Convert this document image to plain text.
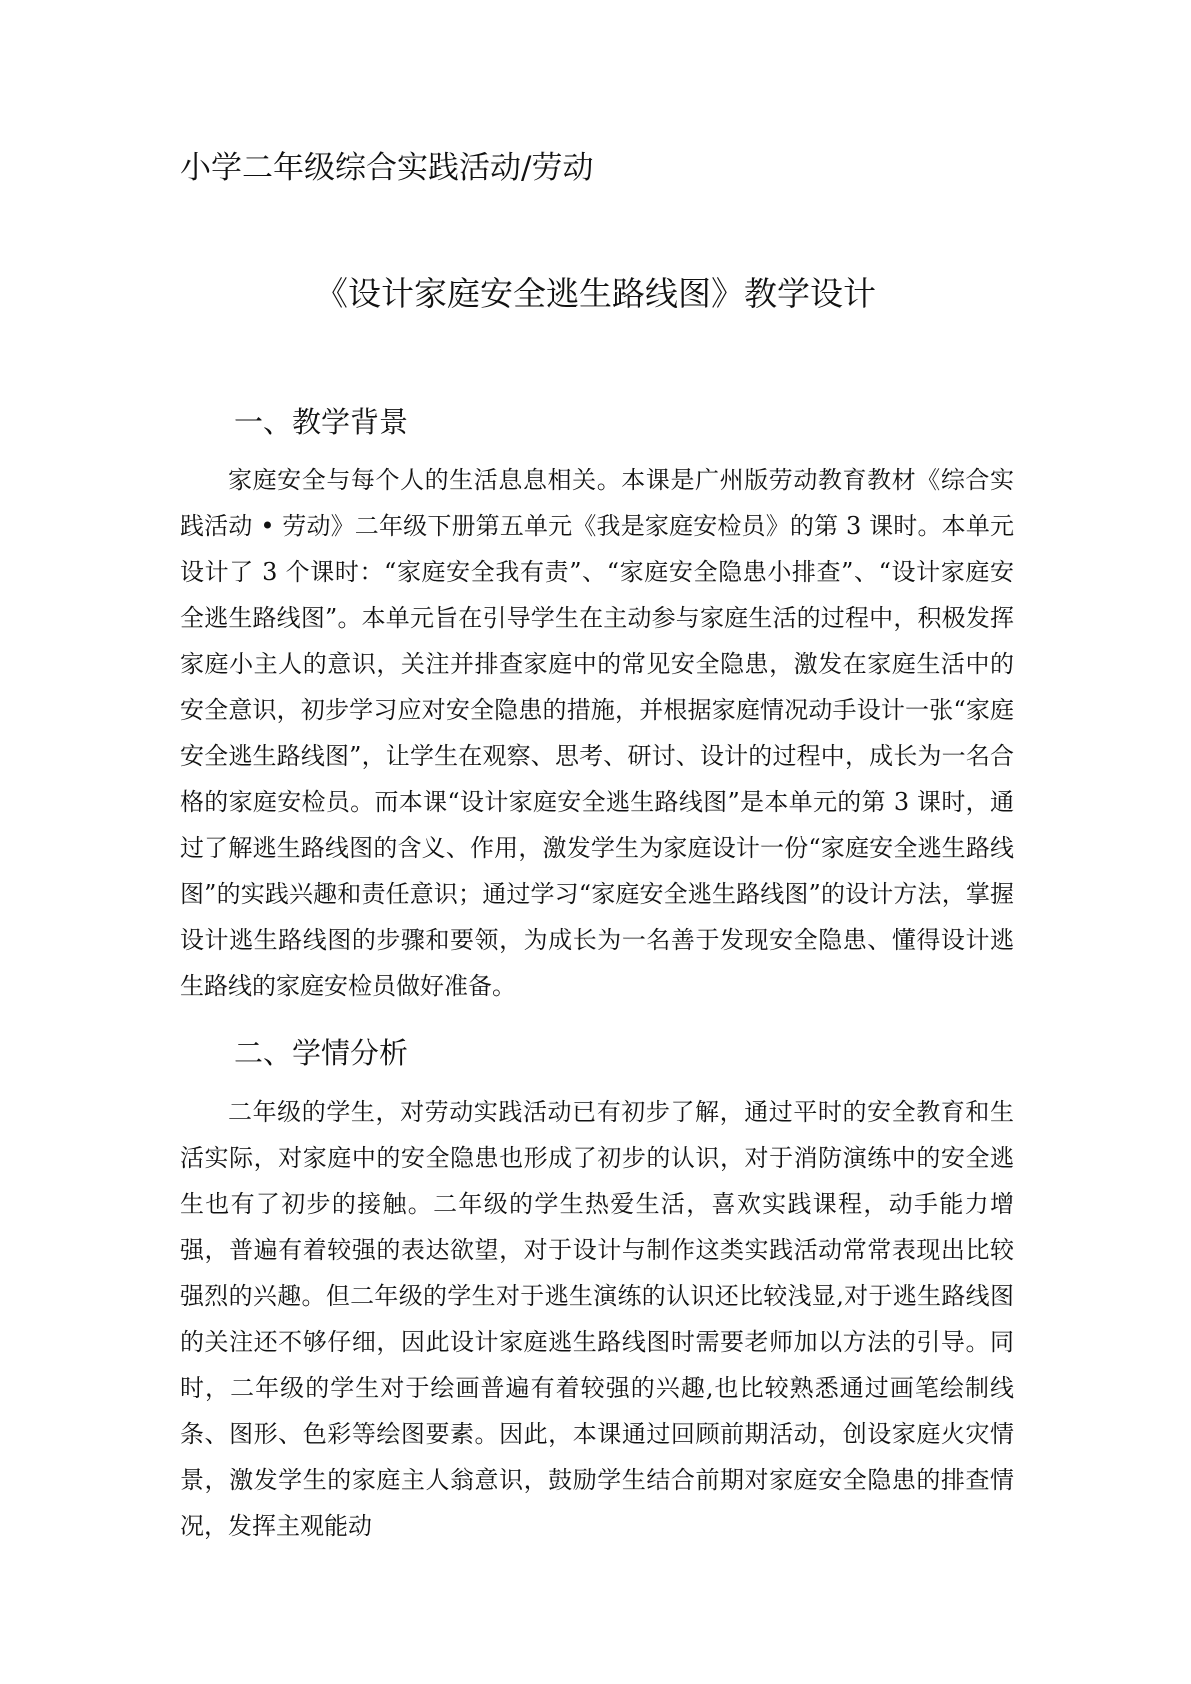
小学二年级综合实践活动/劳动
《设计家庭安全逃生路线图》教学设计
一、教学背景

家庭安全与每个人的生活息息相关。本课是广州版劳动教育教材《综合实践活动 • 劳动》二年级下册第五单元《我是家庭安检员》的第 3 课时。本单元设计了 3 个课时：“家庭安全我有责”、“家庭安全隐患小排查”、“设计家庭安全逃生路线图”。本单元旨在引导学生在主动参与家庭生活的过程中，积极发挥家庭小主人的意识，关注并排查家庭中的常见安全隐患，激发在家庭生活中的安全意识，初步学习应对安全隐患的措施，并根据家庭情况动手设计一张“家庭安全逃生路线图”，让学生在观察、思考、研讨、设计的过程中，成长为一名合格的家庭安检员。而本课“设计家庭安全逃生路线图”是本单元的第 3 课时，通过了解逃生路线图的含义、作用，激发学生为家庭设计一份“家庭安全逃生路线图”的实践兴趣和责任意识；通过学习“家庭安全逃生路线图”的设计方法，掌握设计逃生路线图的步骤和要领，为成长为一名善于发现安全隐患、懂得设计逃生路线的家庭安检员做好准备。

二、学情分析

二年级的学生，对劳动实践活动已有初步了解，通过平时的安全教育和生活实际，对家庭中的安全隐患也形成了初步的认识，对于消防演练中的安全逃生也有了初步的接触。二年级的学生热爱生活，喜欢实践课程，动手能力增强，普遍有着较强的表达欲望，对于设计与制作这类实践活动常常表现出比较强烈的兴趣。但二年级的学生对于逃生演练的认识还比较浅显,对于逃生路线图的关注还不够仔细，因此设计家庭逃生路线图时需要老师加以方法的引导。同时，二年级的学生对于绘画普遍有着较强的兴趣,也比较熟悉通过画笔绘制线条、图形、色彩等绘图要素。因此，本课通过回顾前期活动，创设家庭火灾情景，激发学生的家庭主人翁意识，鼓励学生结合前期对家庭安全隐患的排查情况，发挥主观能动
